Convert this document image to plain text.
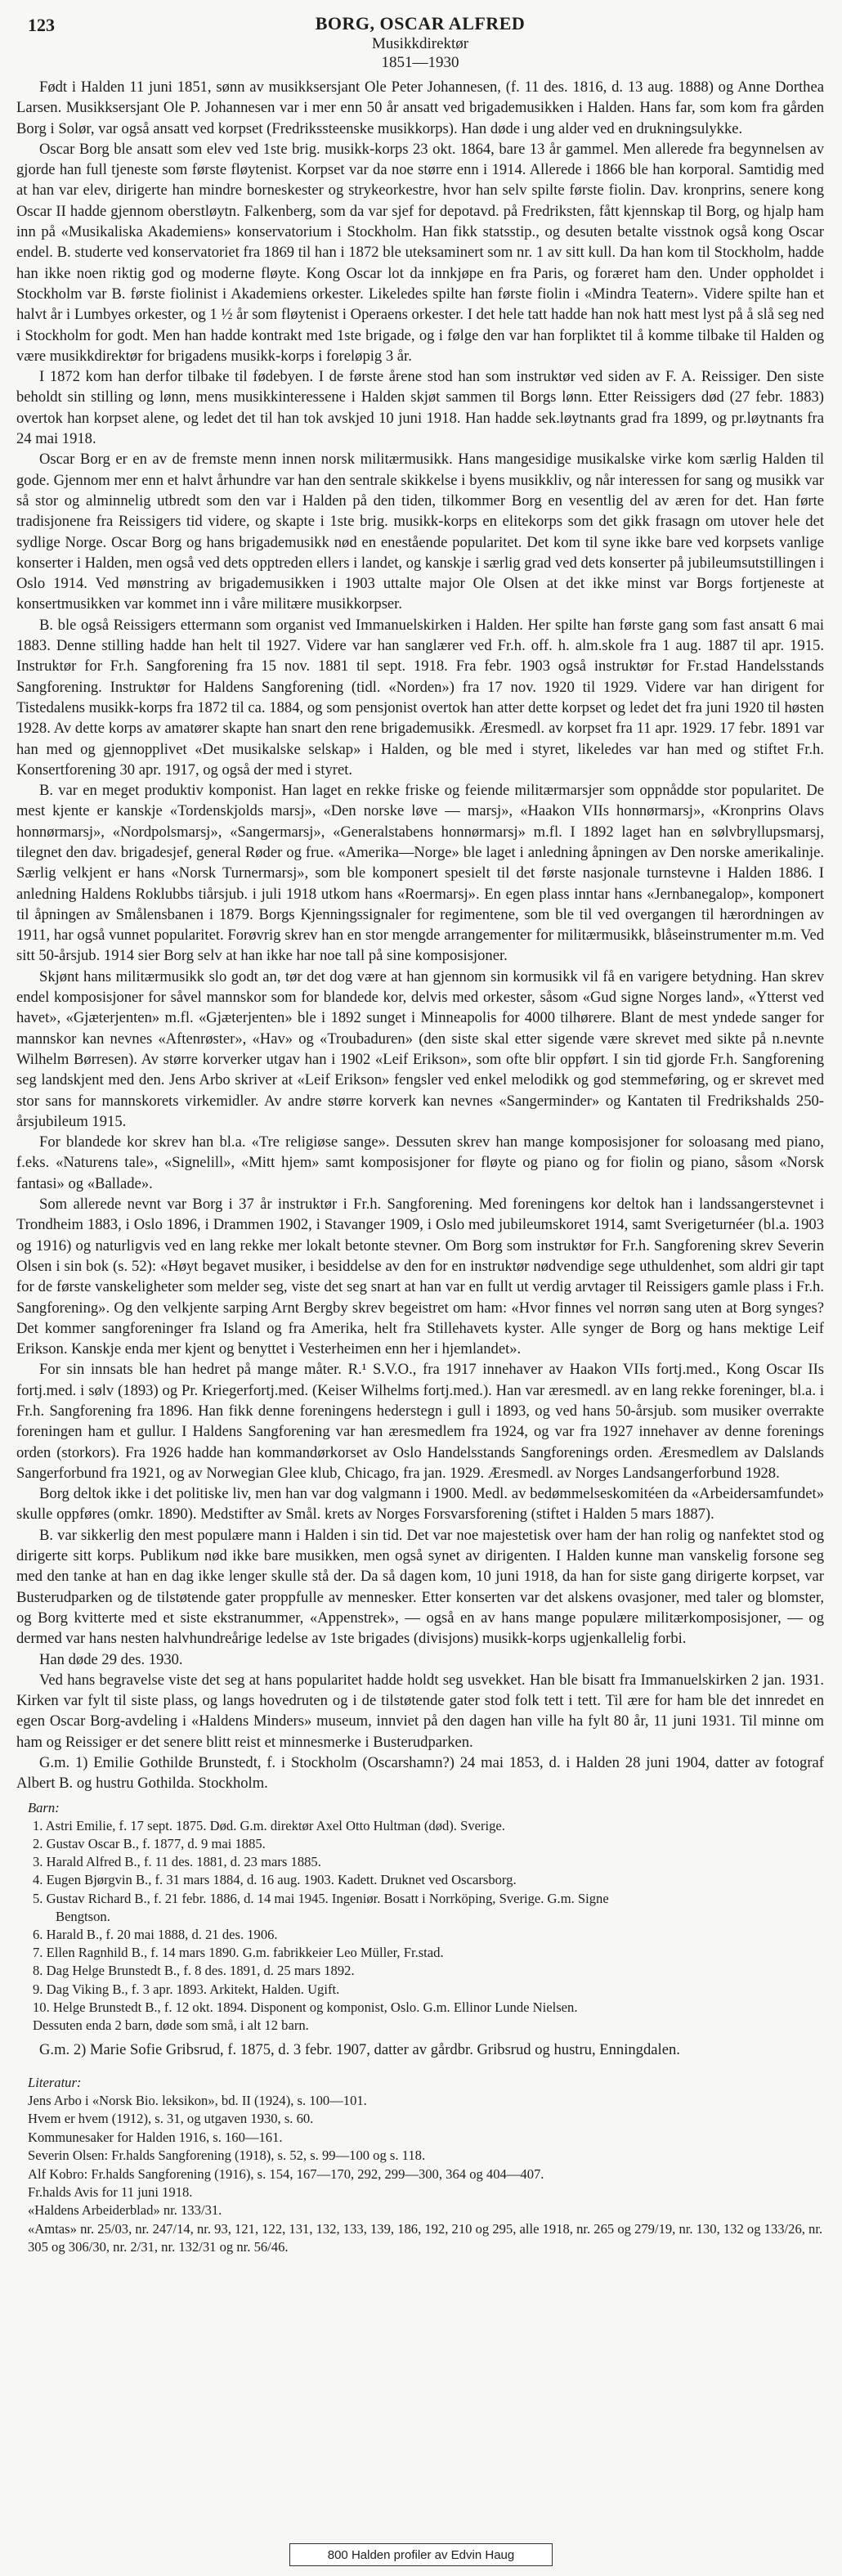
123	BORG, OSCAR ALFRED
Musikkdirektør
1851—1930

Født i Halden 11 juni 1851, sønn av musikksersjant Ole Peter Johannesen, (f. 11 des. 1816, d. 13 aug. 1888) og Anne Dorthea Larsen. Musikksersjant Ole P. Johannesen var i mer enn 50 år ansatt ved brigademusikken i Halden. Hans far, som kom fra gården Borg i Solør, var også ansatt ved korpset (Fredrikssteenske musikkorps). Han døde i ung alder ved en drukningsulykke.

Oscar Borg ble ansatt som elev ved 1ste brig. musikk-korps 23 okt. 1864, bare 13 år gammel. Men allerede fra begynnelsen av gjorde han full tjeneste som første fløytenist. Korpset var da noe større enn i 1914. Allerede i 1866 ble han korporal. Samtidig med at han var elev, dirigerte han mindre borneskester og strykeorkestre, hvor han selv spilte første fiolin. Dav. kronprins, senere kong Oscar II hadde gjennom oberstløytn. Falkenberg, som da var sjef for depotavd. på Fredriksten, fått kjennskap til Borg, og hjalp ham inn på «Musikaliska Akademiens» konservatorium i Stockholm. Han fikk statsstip., og desuten betalte visstnok også kong Oscar endel. B. studerte ved konservatoriet fra 1869 til han i 1872 ble uteksaminert som nr. 1 av sitt kull. Da han kom til Stockholm, hadde han ikke noen riktig god og moderne fløyte. Kong Oscar lot da innkjøpe en fra Paris, og foræret ham den. Under oppholdet i Stockholm var B. første fiolinist i Akademiens orkester. Likeledes spilte han første fiolin i «Mindra Teatern». Videre spilte han et halvt år i Lumbyes orkester, og 1 ½ år som fløytenist i Operaens orkester. I det hele tatt hadde han nok hatt mest lyst på å slå seg ned i Stockholm for godt. Men han hadde kontrakt med 1ste brigade, og i følge den var han forpliktet til å komme tilbake til Halden og være musikkdirektør for brigadens musikk-korps i foreløpig 3 år.

I 1872 kom han derfor tilbake til fødebyen. I de første årene stod han som instruktør ved siden av F. A. Reissiger. Den siste beholdt sin stilling og lønn, mens musikkinteressene i Halden skjøt sammen til Borgs lønn. Etter Reissigers død (27 febr. 1883) overtok han korpset alene, og ledet det til han tok avskjed 10 juni 1918. Han hadde sek.løytnants grad fra 1899, og pr.løytnants fra 24 mai 1918.

Oscar Borg er en av de fremste menn innen norsk militærmusikk. Hans mangesidige musikalske virke kom særlig Halden til gode. Gjennom mer enn et halvt århundre var han den sentrale skikkelse i byens musikkliv, og når interessen for sang og musikk var så stor og alminnelig utbredt som den var i Halden på den tiden, tilkommer Borg en vesentlig del av æren for det. Han førte tradisjonene fra Reissigers tid videre, og skapte i 1ste brig. musikk-korps en elitekorps som det gikk frasagn om utover hele det sydlige Norge. Oscar Borg og hans brigademusikk nød en enestående popularitet. Det kom til syne ikke bare ved korpsets vanlige konserter i Halden, men også ved dets opptreden ellers i landet, og kanskje i særlig grad ved dets konserter på jubileumsutstillingen i Oslo 1914. Ved mønstring av brigademusikken i 1903 uttalte major Ole Olsen at det ikke minst var Borgs fortjeneste at konsertmusikken var kommet inn i våre militære musikkorpser.

B. ble også Reissigers ettermann som organist ved Immanuelskirken i Halden. Her spilte han første gang som fast ansatt 6 mai 1883. Denne stilling hadde han helt til 1927. Videre var han sanglærer ved Fr.h. off. h. alm.skole fra 1 aug. 1887 til apr. 1915. Instruktør for Fr.h. Sangforening fra 15 nov. 1881 til sept. 1918. Fra febr. 1903 også instruktør for Fr.stad Handelsstands Sangforening. Instruktør for Haldens Sangforening (tidl. «Norden») fra 17 nov. 1920 til 1929. Videre var han dirigent for Tistedalens musikk-korps fra 1872 til ca. 1884, og som pensjonist overtok han atter dette korpset og ledet det fra juni 1920 til høsten 1928. Av dette korps av amatører skapte han snart den rene brigademusikk. Æresmedl. av korpset fra 11 apr. 1929. 17 febr. 1891 var han med og gjennopplivet «Det musikalske selskap» i Halden, og ble med i styret, likeledes var han med og stiftet Fr.h. Konsertforening 30 apr. 1917, og også der med i styret.

B. var en meget produktiv komponist. Han laget en rekke friske og feiende militærmarsjer som oppnådde stor popularitet. De mest kjente er kanskje «Tordenskjolds marsj», «Den norske løve — marsj», «Haakon VIIs honnørmarsj», «Kronprins Olavs honnørmarsj», «Nordpolsmarsj», «Sangermarsj», «Generalstabens honnørmarsj» m.fl. I 1892 laget han en sølvbryllupsmarsj, tilegnet den dav. brigadesjef, general Røder og frue. «Amerika—Norge» ble laget i anledning åpningen av Den norske amerikalinje. Særlig velkjent er hans «Norsk Turnermarsj», som ble komponert spesielt til det første nasjonale turnstevne i Halden 1886. I anledning Haldens Roklubbs tiårsjub. i juli 1918 utkom hans «Roermarsj». En egen plass inntar hans «Jernbanegalop», komponert til åpningen av Smålensbanen i 1879. Borgs Kjenningssignaler for regimentene, som ble til ved overgangen til hærordningen av 1911, har også vunnet popularitet. Forøvrig skrev han en stor mengde arrangementer for militærmusikk, blåseinstrumenter m.m. Ved sitt 50-årsjub. 1914 sier Borg selv at han ikke har noe tall på sine komposisjoner.

Skjønt hans militærmusikk slo godt an, tør det dog være at han gjennom sin kormusikk vil få en varigere betydning. Han skrev endel komposisjoner for såvel mannskor som for blandede kor, delvis med orkester, såsom «Gud signe Norges land», «Ytterst ved havet», «Gjæterjenten» m.fl. «Gjæterjenten» ble i 1892 sunget i Minneapolis for 4000 tilhørere. Blant de mest yndede sanger for mannskor kan nevnes «Aftenrøster», «Hav» og «Troubaduren» (den siste skal etter sigende være skrevet med sikte på n.nevnte Wilhelm Børresen). Av større korverker utgav han i 1902 «Leif Erikson», som ofte blir oppført. I sin tid gjorde Fr.h. Sangforening seg landskjent med den. Jens Arbo skriver at «Leif Erikson» fengsler ved enkel melodikk og god stemmeføring, og er skrevet med stor sans for mannskorets virkemidler. Av andre større korverk kan nevnes «Sangerminder» og Kantaten til Fredrikshalds 250-årsjubileum 1915.

For blandede kor skrev han bl.a. «Tre religiøse sange». Dessuten skrev han mange komposisjoner for soloasang med piano, f.eks. «Naturens tale», «Signelill», «Mitt hjem» samt komposisjoner for fløyte og piano og for fiolin og piano, såsom «Norsk fantasi» og «Ballade».

Som allerede nevnt var Borg i 37 år instruktør i Fr.h. Sangforening. Med foreningens kor deltok han i landssangerstevnet i Trondheim 1883, i Oslo 1896, i Drammen 1902, i Stavanger 1909, i Oslo med jubileumskoret 1914, samt Sverigeturnéer (bl.a. 1903 og 1916) og naturligvis ved en lang rekke mer lokalt betonte stevner. Om Borg som instruktør for Fr.h. Sangforening skrev Severin Olsen i sin bok (s. 52): «Høyt begavet musiker, i besiddelse av den for en instruktør nødvendige sege uthuldenhet, som aldri gir tapt for de første vanskeligheter som melder seg, viste det seg snart at han var en fullt ut verdig arvtager til Reissigers gamle plass i Fr.h. Sangforening». Og den velkjente sarping Arnt Bergby skrev begeistret om ham: «Hvor finnes vel norrøn sang uten at Borg synges? Det kommer sangforeninger fra Island og fra Amerika, helt fra Stillehavets kyster. Alle synger de Borg og hans mektige Leif Erikson. Kanskje enda mer kjent og benyttet i Vesterheimen enn her i hjemlandet».

For sin innsats ble han hedret på mange måter. R.¹ S.V.O., fra 1917 innehaver av Haakon VIIs fortj.med., Kong Oscar IIs fortj.med. i sølv (1893) og Pr. Kriegerfortj.med. (Keiser Wilhelms fortj.med.). Han var æresmedl. av en lang rekke foreninger, bl.a. i Fr.h. Sangforening fra 1896. Han fikk denne foreningens hederstegn i gull i 1893, og ved hans 50-årsjub. som musiker overrakte foreningen ham et gullur. I Haldens Sangforening var han æresmedlem fra 1924, og var fra 1927 innehaver av denne forenings orden (storkors). Fra 1926 hadde han kommandørkorset av Oslo Handelsstands Sangforenings orden. Æresmedlem av Dalslands Sangerforbund fra 1921, og av Norwegian Glee klub, Chicago, fra jan. 1929. Æresmedl. av Norges Landsangerforbund 1928.

Borg deltok ikke i det politiske liv, men han var dog valgmann i 1900. Medl. av bedømmelseskomitéen da «Arbeidersamfundet» skulle oppføres (omkr. 1890). Medstifter av Smål. krets av Norges Forsvarsforening (stiftet i Halden 5 mars 1887).

B. var sikkerlig den mest populære mann i Halden i sin tid. Det var noe majestetisk over ham der han rolig og nanfektet stod og dirigerte sitt korps. Publikum nød ikke bare musikken, men også synet av dirigenten. I Halden kunne man vanskelig forsone seg med den tanke at han en dag ikke lenger skulle stå der. Da så dagen kom, 10 juni 1918, da han for siste gang dirigerte korpset, var Busterudparken og de tilstøtende gater proppfulle av mennesker. Etter konserten var det alskens ovasjoner, med taler og blomster, og Borg kvitterte med et siste ekstranummer, «Appenstrek», — også en av hans mange populære militærkomposisjoner, — og dermed var hans nesten halvhundreårige ledelse av 1ste brigades (divisjons) musikk-korps ugjenkallelig forbi.

Han døde 29 des. 1930.

Ved hans begravelse viste det seg at hans popularitet hadde holdt seg usvekket. Han ble bisatt fra Immanuelskirken 2 jan. 1931. Kirken var fylt til siste plass, og langs hovedruten og i de tilstøtende gater stod folk tett i tett. Til ære for ham ble det innredet en egen Oscar Borg-avdeling i «Haldens Minders» museum, innviet på den dagen han ville ha fylt 80 år, 11 juni 1931. Til minne om ham og Reissiger er det senere blitt reist et minnesmerke i Busterudparken.

G.m. 1) Emilie Gothilde Brunstedt, f. i Stockholm (Oscarshamn?) 24 mai 1853, d. i Halden 28 juni 1904, datter av fotograf Albert B. og hustru Gothilda. Stockholm.

Barn:
1. Astri Emilie, f. 17 sept. 1875. Død. G.m. direktør Axel Otto Hultman (død). Sverige.
2. Gustav Oscar B., f. 1877, d. 9 mai 1885.
3. Harald Alfred B., f. 11 des. 1881, d. 23 mars 1885.
4. Eugen Bjørgvin B., f. 31 mars 1884, d. 16 aug. 1903. Kadett. Druknet ved Oscarsborg.
5. Gustav Richard B., f. 21 febr. 1886, d. 14 mai 1945. Ingeniør. Bosatt i Norrköping, Sverige. G.m. Signe
Bengtson.
6. Harald B., f. 20 mai 1888, d. 21 des. 1906.
7. Ellen Ragnhild B., f. 14 mars 1890. G.m. fabrikkeier Leo Müller, Fr.stad.
8. Dag Helge Brunstedt B., f. 8 des. 1891, d. 25 mars 1892.
9. Dag Viking B., f. 3 apr. 1893. Arkitekt, Halden. Ugift.
10. Helge Brunstedt B., f. 12 okt. 1894. Disponent og komponist, Oslo. G.m. Ellinor Lunde Nielsen.
Dessuten enda 2 barn, døde som små, i alt 12 barn.
G.m. 2) Marie Sofie Gribsrud, f. 1875, d. 3 febr. 1907, datter av gårdbr. Gribsrud og hustru, Enningdalen.
Literatur:
Jens Arbo i «Norsk Bio. leksikon», bd. II (1924), s. 100—101.
Hvem er hvem (1912), s. 31, og utgaven 1930, s. 60.
Kommunesaker for Halden 1916, s. 160—161.
Severin Olsen: Fr.halds Sangforening (1918), s. 52, s. 99—100 og s. 118.
Alf Kobro: Fr.halds Sangforening (1916), s. 154, 167—170, 292, 299—300, 364 og 404—407.
Fr.halds Avis for 11 juni 1918.
«Haldens Arbeiderblad» nr. 133/31.
«Amtas» nr. 25/03, nr. 247/14, nr. 93, 121, 122, 131, 132, 133, 139, 186, 192, 210 og 295, alle 1918, nr. 265 og 279/19, nr. 130, 132 og 133/26, nr. 305 og 306/30, nr. 2/31, nr. 132/31 og nr. 56/46.
800 Halden profiler av Edvin Haug
